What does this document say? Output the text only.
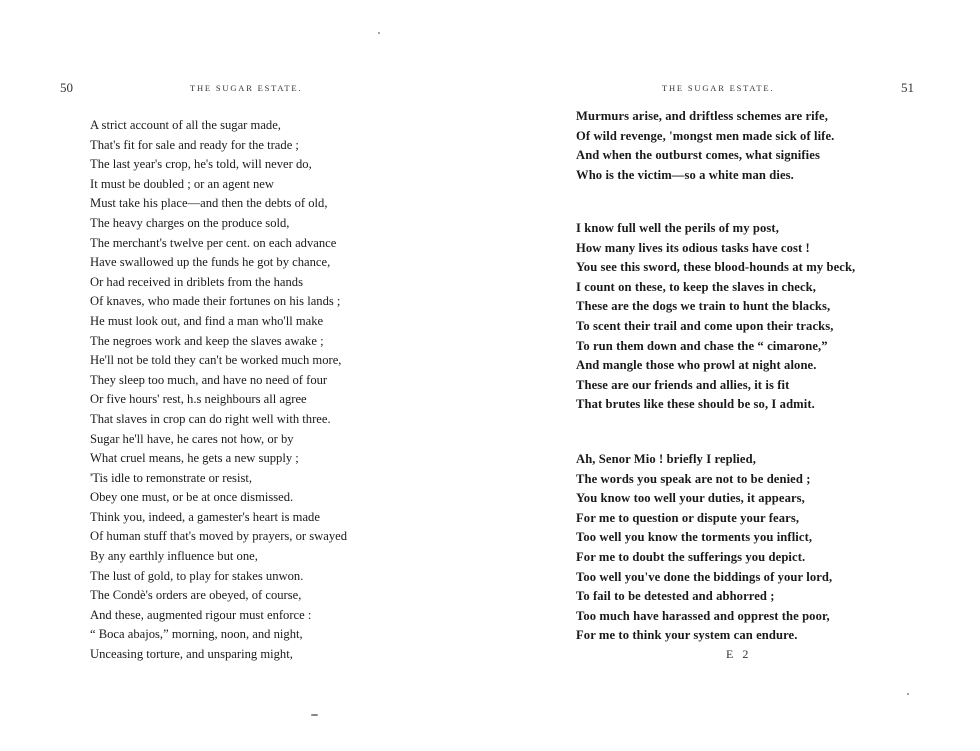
50	THE SUGAR ESTATE.
A strict account of all the sugar made,
That's fit for sale and ready for the trade ;
The last year's crop, he's told, will never do,
It must be doubled ; or an agent new
Must take his place—and then the debts of old,
The heavy charges on the produce sold,
The merchant's twelve per cent. on each advance
Have swallowed up the funds he got by chance,
Or had received in driblets from the hands
Of knaves, who made their fortunes on his lands ;
He must look out, and find a man who'll make
The negroes work and keep the slaves awake ;
He'll not be told they can't be worked much more,
They sleep too much, and have no need of four
Or five hours' rest, h.s neighbours all agree
That slaves in crop can do right well with three.
Sugar he'll have, he cares not how, or by
What cruel means, he gets a new supply ;
'Tis idle to remonstrate or resist,
Obey one must, or be at once dismissed.
Think you, indeed, a gamester's heart is made
Of human stuff that's moved by prayers, or swayed
By any earthly influence but one,
The lust of gold, to play for stakes unwon.
The Condè's orders are obeyed, of course,
And these, augmented rigour must enforce :
“ Boca abajos,” morning, noon, and night,
Unceasing torture, and unsparing might,
THE SUGAR ESTATE.	51
Murmurs arise, and driftless schemes are rife,
Of wild revenge, 'mongst men made sick of life.
And when the outburst comes, what signifies
Who is the victim—so a white man dies.
I know full well the perils of my post,
How many lives its odious tasks have cost !
You see this sword, these blood-hounds at my beck,
I count on these, to keep the slaves in check,
These are the dogs we train to hunt the blacks,
To scent their trail and come upon their tracks,
To run them down and chase the “ cimarone,”
And mangle those who prowl at night alone.
These are our friends and allies, it is fit
That brutes like these should be so, I admit.
Ah, Senor Mio ! briefly I replied,
The words you speak are not to be denied ;
You know too well your duties, it appears,
For me to question or dispute your fears,
Too well you know the torments you inflict,
For me to doubt the sufferings you depict.
Too well you've done the biddings of your lord,
To fail to be detested and abhorred ;
Too much have harassed and opprest the poor,
For me to think your system can endure.
E 2
